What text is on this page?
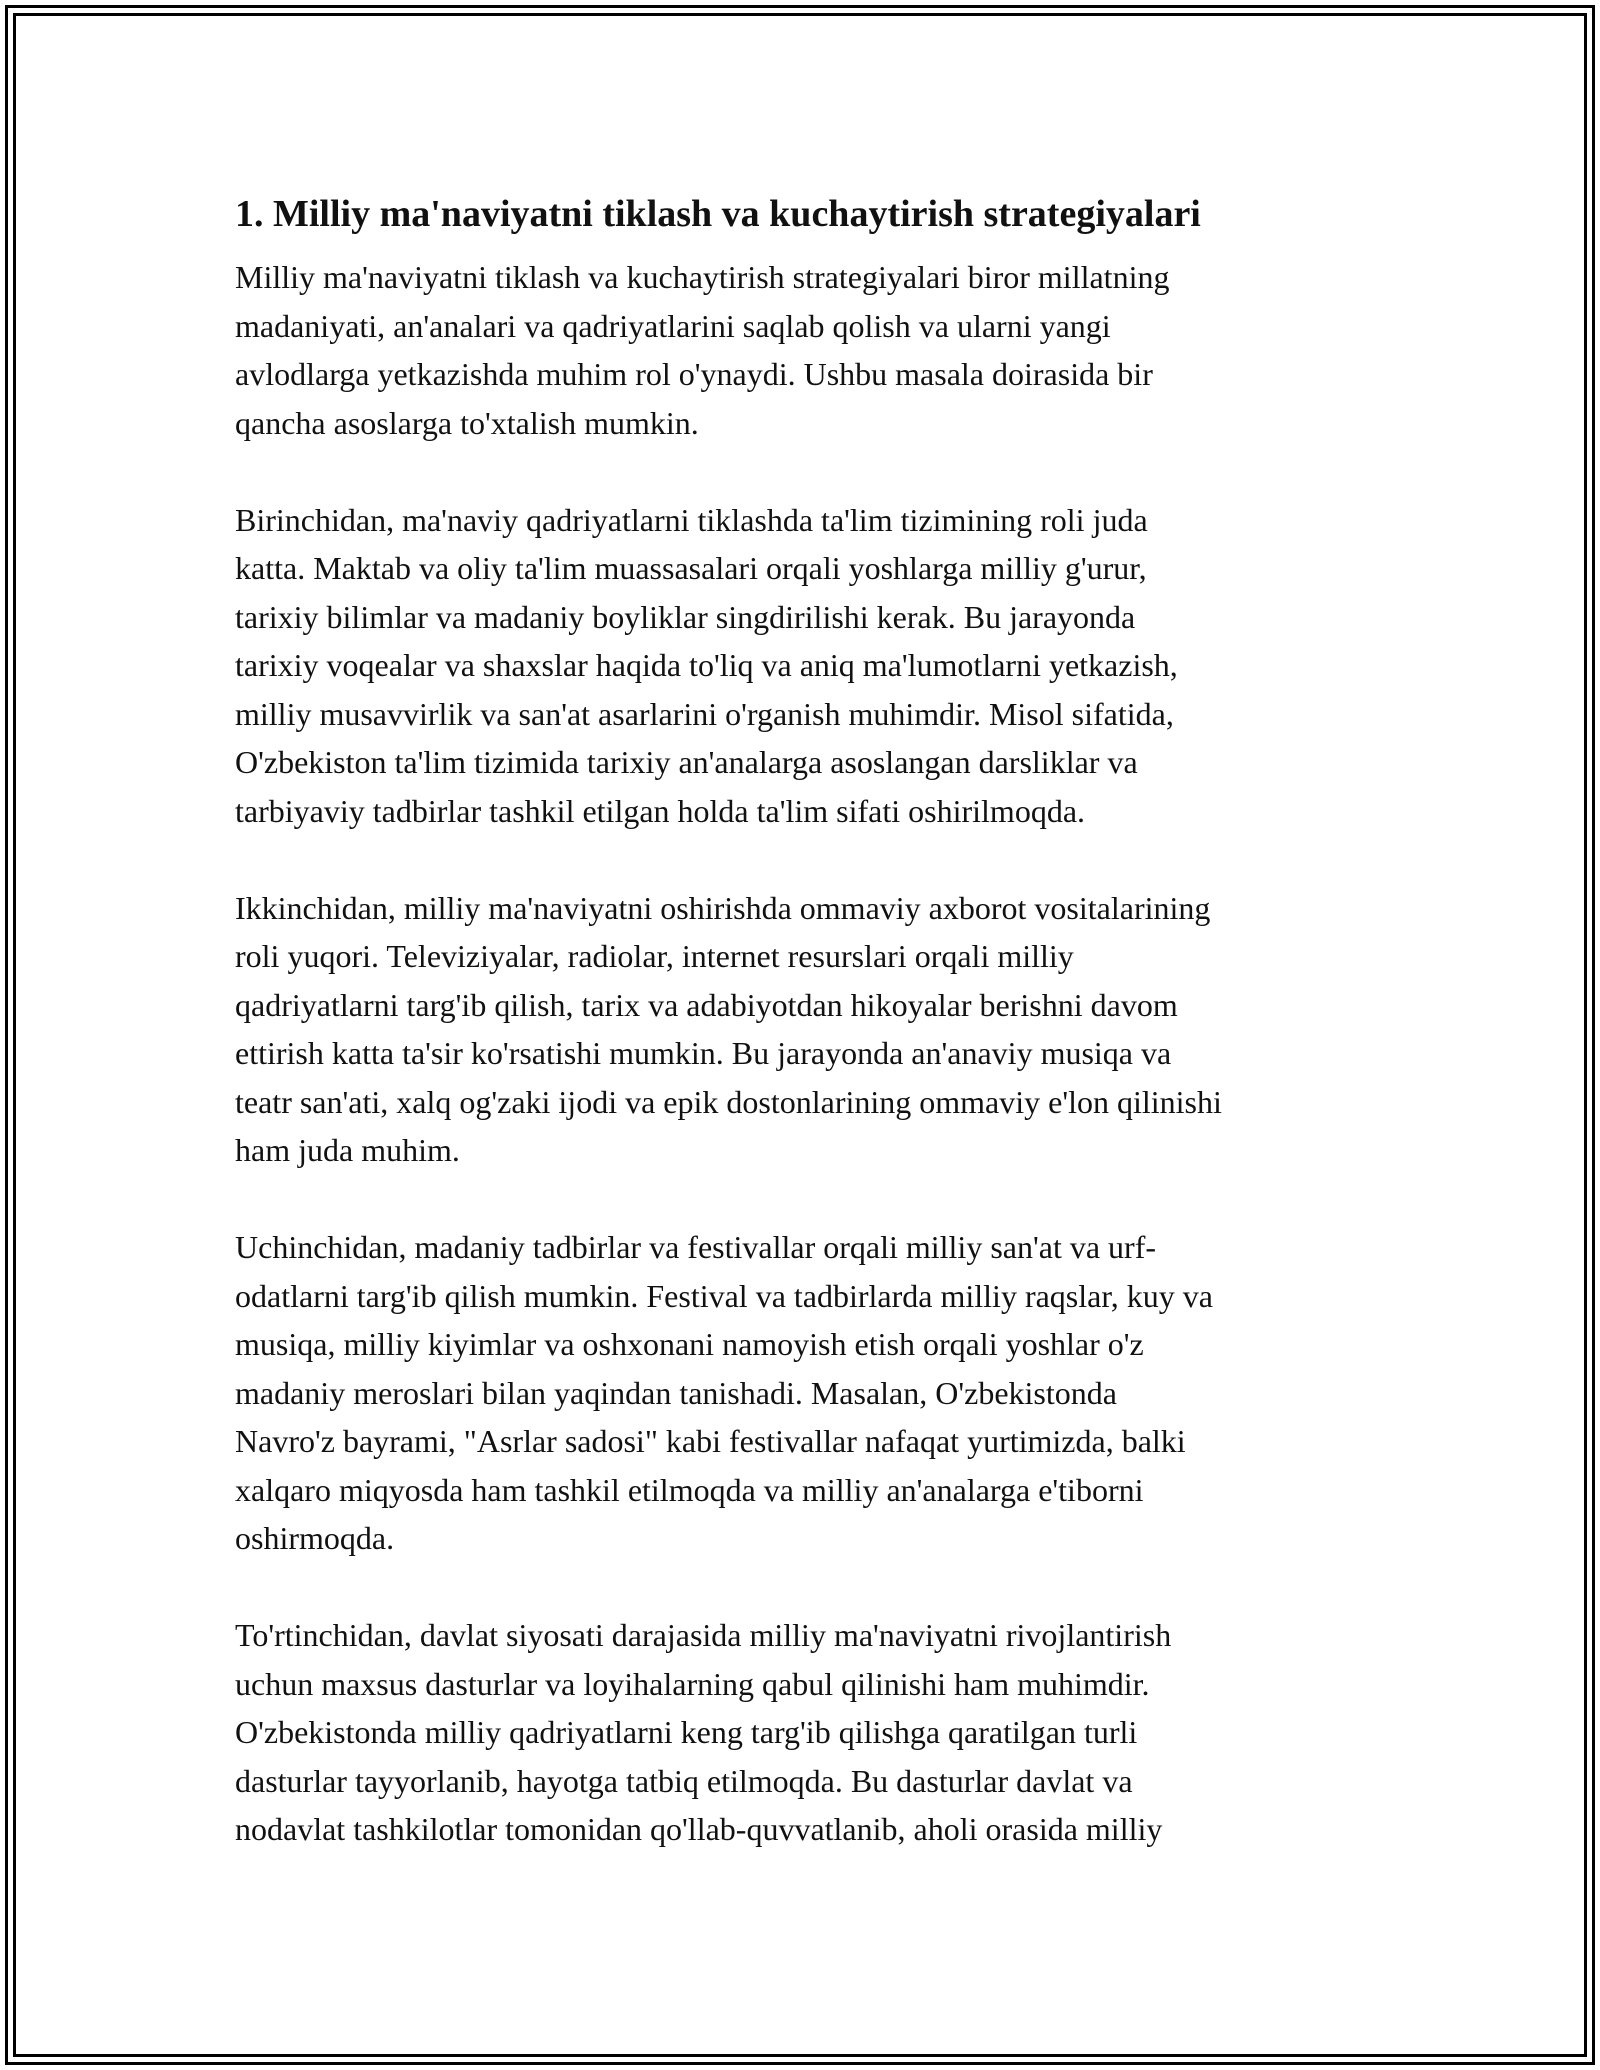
1. Milliy ma'naviyatni tiklash va kuchaytirish strategiyalari

Milliy ma'naviyatni tiklash va kuchaytirish strategiyalari biror millatning
madaniyati, an'analari va qadriyatlarini saqlab qolish va ularni yangi
avlodlarga yetkazishda muhim rol o'ynaydi. Ushbu masala doirasida bir
qancha asoslarga to'xtalish mumkin.

Birinchidan, ma'naviy qadriyatlarni tiklashda ta'lim tizimining roli juda
katta. Maktab va oliy ta'lim muassasalari orqali yoshlarga milliy g'urur,
tarixiy bilimlar va madaniy boyliklar singdirilishi kerak. Bu jarayonda
tarixiy voqealar va shaxslar haqida to'liq va aniq ma'lumotlarni yetkazish,
milliy musavvirlik va san'at asarlarini o'rganish muhimdir. Misol sifatida,
O'zbekiston ta'lim tizimida tarixiy an'analarga asoslangan darsliklar va
tarbiyaviy tadbirlar tashkil etilgan holda ta'lim sifati oshirilmoqda.

Ikkinchidan, milliy ma'naviyatni oshirishda ommaviy axborot vositalarining
roli yuqori. Televiziyalar, radiolar, internet resurslari orqali milliy
qadriyatlarni targ'ib qilish, tarix va adabiyotdan hikoyalar berishni davom
ettirish katta ta'sir ko'rsatishi mumkin. Bu jarayonda an'anaviy musiqa va
teatr san'ati, xalq og'zaki ijodi va epik dostonlarining ommaviy e'lon qilinishi
ham juda muhim.

Uchinchidan, madaniy tadbirlar va festivallar orqali milliy san'at va urf-
odatlarni targ'ib qilish mumkin. Festival va tadbirlarda milliy raqslar, kuy va
musiqa, milliy kiyimlar va oshxonani namoyish etish orqali yoshlar o'z
madaniy meroslari bilan yaqindan tanishadi. Masalan, O'zbekistonda
Navro'z bayrami, "Asrlar sadosi" kabi festivallar nafaqat yurtimizda, balki
xalqaro miqyosda ham tashkil etilmoqda va milliy an'analarga e'tiborni
oshirmoqda.

To'rtinchidan, davlat siyosati darajasida milliy ma'naviyatni rivojlantirish
uchun maxsus dasturlar va loyihalarning qabul qilinishi ham muhimdir.
O'zbekistonda milliy qadriyatlarni keng targ'ib qilishga qaratilgan turli
dasturlar tayyorlanib, hayotga tatbiq etilmoqda. Bu dasturlar davlat va
nodavlat tashkilotlar tomonidan qo'llab-quvvatlanib, aholi orasida milliy
